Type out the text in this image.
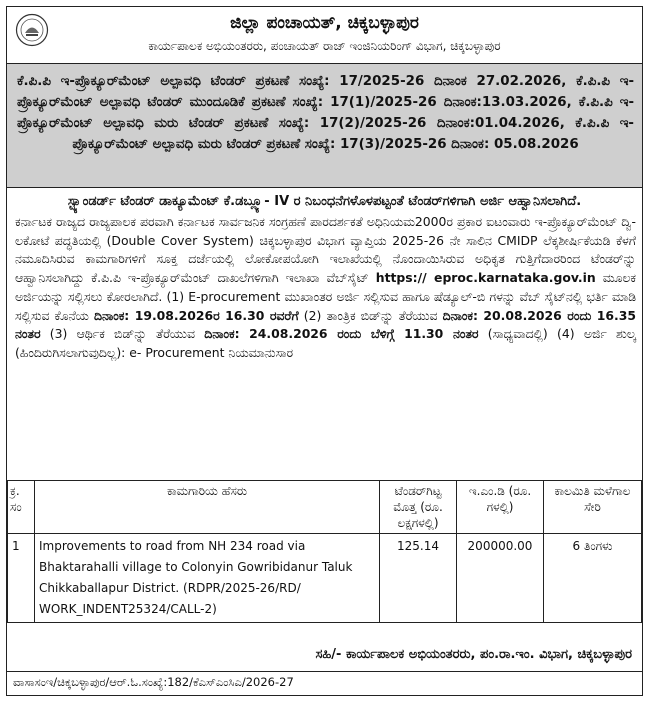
ಜಿಲ್ಲಾ ಪಂಚಾಯತ್, ಚಿಕ್ಕಬಳ್ಳಾಪುರ
ಕಾರ್ಯಪಾಲಕ ಅಭಿಯಂತರರು, ಪಂಚಾಯತ್ ರಾಜ್ ಇಂಜಿನಿಯರಿಂಗ್ ವಿಭಾಗ, ಚಿಕ್ಕಬಳ್ಳಾಪುರ
ಕೆ.ಪಿ.ಪಿ ಇ-ಪ್ರೊಕ್ಯೂರ್‌ಮೆಂಟ್ ಅಲ್ಪಾವಧಿ ಟೆಂಡರ್ ಪ್ರಕಟಣೆ ಸಂಖ್ಯೆ: 17/2025-26 ದಿನಾಂಕ 27.02.2026, ಕೆ.ಪಿ.ಪಿ ಇ-ಪ್ರೊಕ್ಯೂರ್‌ಮೆಂಟ್ ಅಲ್ಪಾವಧಿ ಟೆಂಡರ್ ಮುಂದೂಡಿಕೆ ಪ್ರಕಟಣೆ ಸಂಖ್ಯೆ: 17(1)/2025-26 ದಿನಾಂಕ:13.03.2026, ಕೆ.ಪಿ.ಪಿ ಇ-ಪ್ರೊಕ್ಯೂರ್‌ಮೆಂಟ್ ಅಲ್ಪಾವಧಿ ಮರು ಟೆಂಡರ್ ಪ್ರಕಟಣೆ ಸಂಖ್ಯೆ: 17(2)/2025-26 ದಿನಾಂಕ:01.04.2026, ಕೆ.ಪಿ.ಪಿ ಇ-ಪ್ರೊಕ್ಯೂರ್‌ಮೆಂಟ್ ಅಲ್ಪಾವಧಿ ಮರು ಟೆಂಡರ್ ಪ್ರಕಟಣೆ ಸಂಖ್ಯೆ: 17(3)/2025-26 ದಿನಾಂಕ: 05.08.2026
ಸ್ಟ್ಯಾಂಡರ್ಡ್ ಟೆಂಡರ್ ಡಾಕ್ಯೂಮೆಂಟ್ ಕೆ.ಡಬ್ಲ್ಯೂ- IV ರ ನಿಬಂಧನೆಗಳೊಳಪಟ್ಟಂತೆ ಟೆಂಡರ್‌ಗಳಿಗಾಗಿ ಅರ್ಜಿ ಆಹ್ವಾನಿಸಲಾಗಿದೆ.
ಕರ್ನಾಟಕ ರಾಜ್ಯದ ರಾಜ್ಯಪಾಲಕ ಪರವಾಗಿ ಕರ್ನಾಟಕ ಸಾರ್ವಜನಿಕ ಸಂಗ್ರಹಣೆ ಪಾರದರ್ಶಕತೆ ಅಧಿನಿಯಮ2000ರ ಪ್ರಕಾರ ಐಟಂವಾರು ಇ-ಪ್ರೊಕ್ಯೂರ್‌ಮೆಂಟ್ ದ್ವಿ-ಲಕೋಟೆ ಪದ್ಧತಿಯಲ್ಲಿ (Double Cover System) ಚಿಕ್ಕಬಳ್ಳಾಪುರ ವಿಭಾಗ ವ್ಯಾಪ್ತಿಯ 2025-26 ನೇ ಸಾಲಿನ CMIDP ಲೆಕ್ಕಶೀರ್ಷಿಕೆಯಡಿ ಕೆಳಗೆ ನಮೂದಿಸಿರುವ ಕಾಮಗಾರಿಗಳಿಗೆ ಸೂಕ್ತ ದರ್ಜೆಯಲ್ಲಿ ಲೋಕೋಪಯೋಗಿ ಇಲಾಖೆಯಲ್ಲಿ ನೊಂದಾಯಿಸಿರುವ ಅಧಿಕೃತ ಗುತ್ತಿಗೆದಾರರಿಂದ ಟೆಂಡರ್‌ನ್ನು ಆಹ್ವಾನಿಸಲಾಗಿದ್ದು ಕೆ.ಪಿ.ಪಿ ಇ-ಪ್ರೊಕ್ಯೂರ್‌ಮೆಂಟ್ ದಾಖಲೆಗಳಿಗಾಗಿ ಇಲಾಖಾ ವೆಬ್‌ಸೈಟ್ https:// eproc.karnataka.gov.in ಮೂಲಕ ಅರ್ಜಿಯನ್ನು ಸಲ್ಲಿಸಲು ಕೋರಲಾಗಿದೆ. (1) E-procurement ಮುಖಾಂತರ ಅರ್ಜಿ ಸಲ್ಲಿಸುವ ಹಾಗೂ ಷೆಡ್ಯೂಲ್-ಬಿ ಗಳನ್ನು ವೆಬ್ ಸೈಟ್‌ನಲ್ಲಿ ಭರ್ತಿ ಮಾಡಿ ಸಲ್ಲಿಸುವ ಕೊನೆಯ ದಿನಾಂಕ: 19.08.2026ರ 16.30 ರವರೆಗೆ (2) ತಾಂತ್ರಿಕ ಬಿಡ್‌ನ್ನು ತೆರೆಯುವ ದಿನಾಂಕ: 20.08.2026 ರಂದು 16.35 ನಂತರ (3) ಆರ್ಥಿಕ ಬಿಡ್‌ನ್ನು ತೆರೆಯುವ ದಿನಾಂಕ: 24.08.2026 ರಂದು ಬೆಳಿಗ್ಗೆ 11.30 ನಂತರ (ಸಾಧ್ಯವಾದಲ್ಲಿ) (4) ಅರ್ಜಿ ಶುಲ್ಕ (ಹಿಂದಿರುಗಿಸಲಾಗುವುದಿಲ್ಲ): e- Procurement ನಿಯಮಾನುಸಾರ
ಕ್ರ. ಸಂ	ಕಾಮಗಾರಿಯ ಹೆಸರು	ಟೆಂಡರ್‌ಗಿಟ್ಟ ಮೊತ್ತ (ರೂ. ಲಕ್ಷಗಳಲ್ಲಿ)	ಇ.ಎಂ.ಡಿ (ರೂ. ಗಳಲ್ಲಿ)	ಕಾಲಮಿತಿ ಮಳೆಗಾಲ ಸೇರಿ
1	Improvements to road from NH 234 road via Bhaktarahalli village to Colonyin Gowribidanur Taluk Chikkaballapur District. (RDPR/2025-26/RD/ WORK_INDENT25324/CALL-2)	125.14	200000.00	6 ತಿಂಗಳು
ಸಹಿ/- ಕಾರ್ಯಪಾಲಕ ಅಭಿಯಂತರರು, ಪಂ.ರಾ.ಇಂ. ವಿಭಾಗ, ಚಿಕ್ಕಬಳ್ಳಾಪುರ
ವಾಸಾಸಂಇ/ಚಿಕ್ಕಬಳ್ಳಾಪುರ/ಆರ್.ಓ.ಸಂಖ್ಯೆ:182/ಕೆಎಸ್‌ಎಂಸಿಎ/2026-27
